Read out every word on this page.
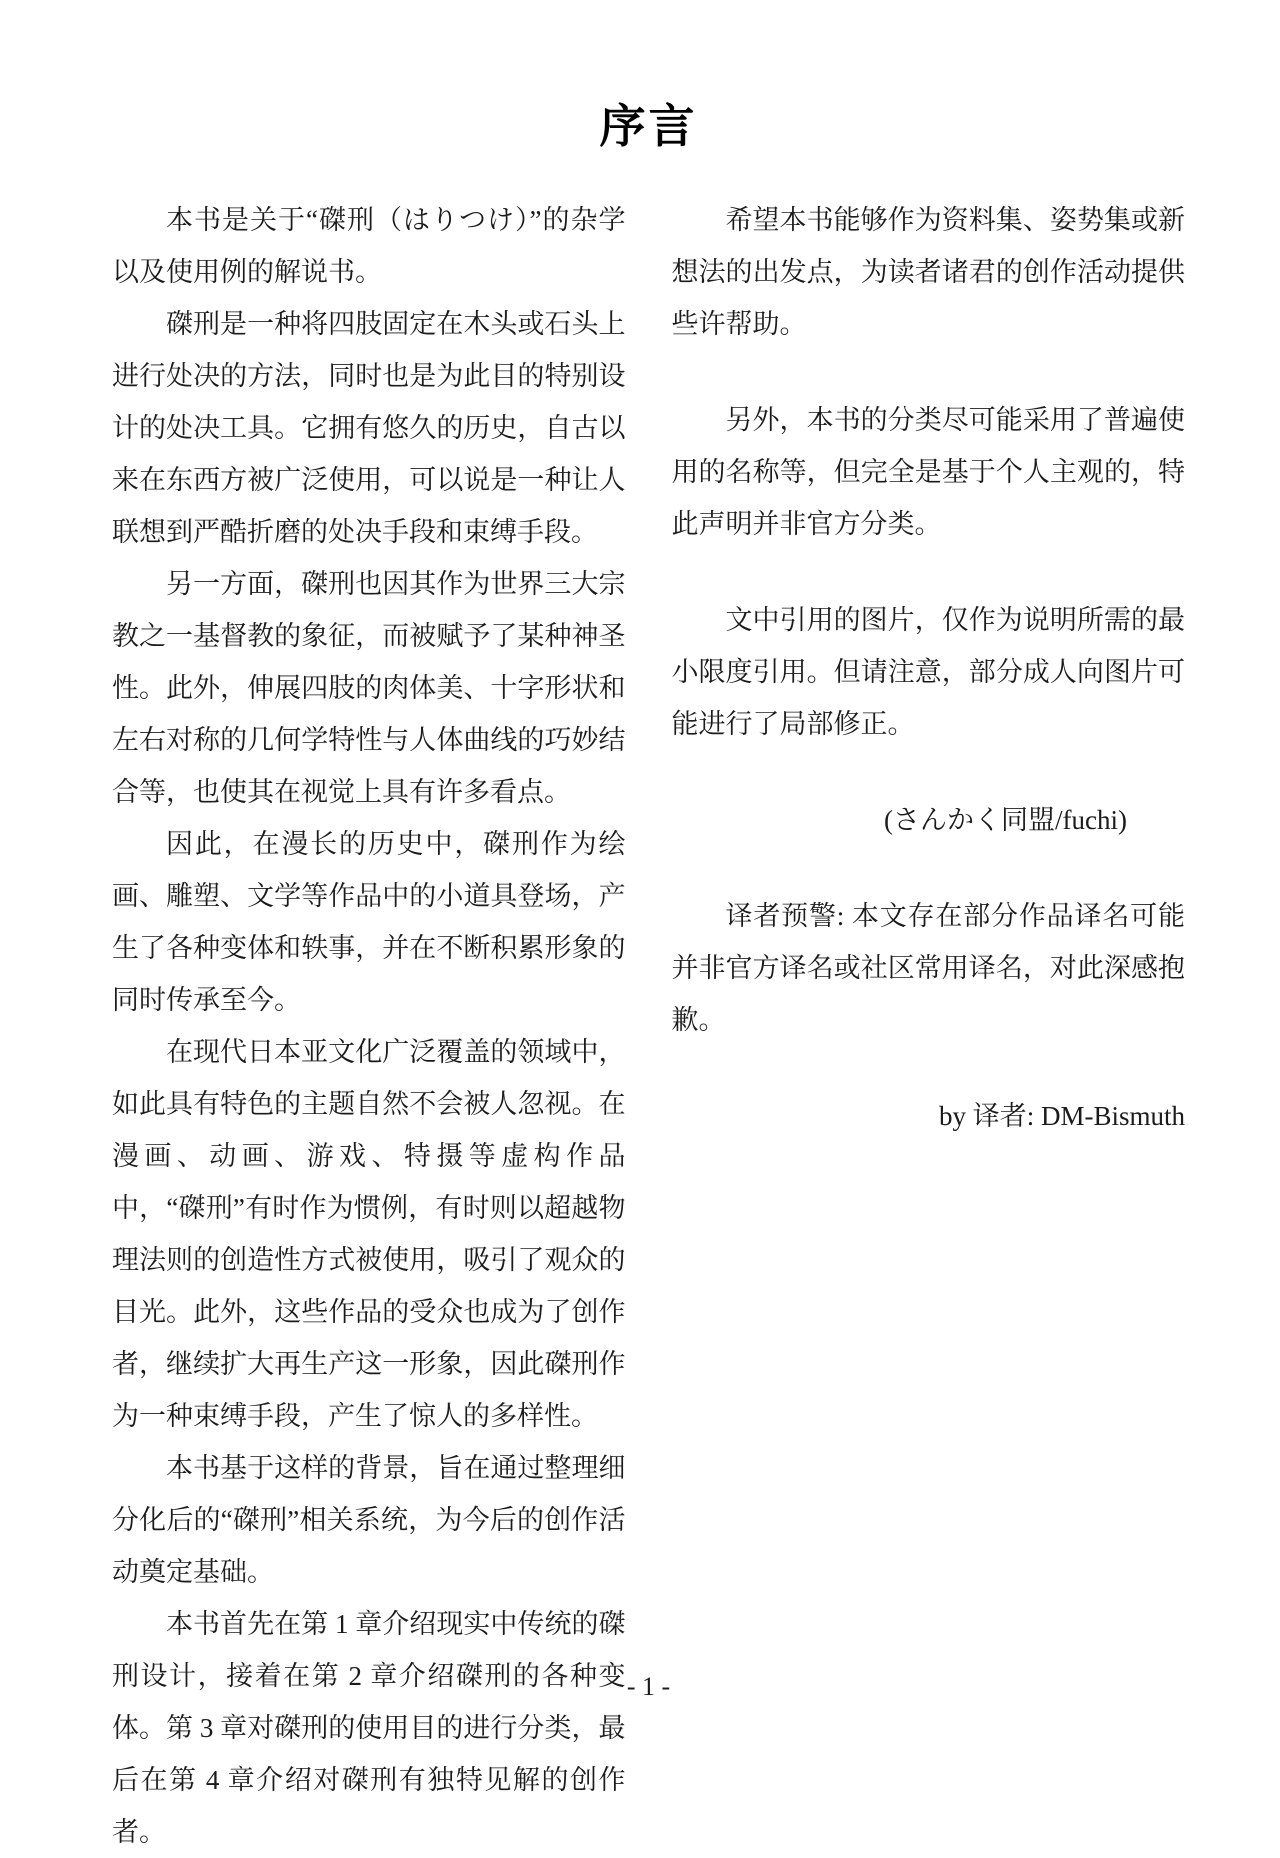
序言

本书是关于“磔刑（はりつけ）”的杂学以及使用例的解说书。

磔刑是一种将四肢固定在木头或石头上进行处决的方法，同时也是为此目的特别设计的处决工具。它拥有悠久的历史，自古以来在东西方被广泛使用，可以说是一种让人联想到严酷折磨的处决手段和束缚手段。

另一方面，磔刑也因其作为世界三大宗教之一基督教的象征，而被赋予了某种神圣性。此外，伸展四肢的肉体美、十字形状和左右对称的几何学特性与人体曲线的巧妙结合等，也使其在视觉上具有许多看点。

因此，在漫长的历史中，磔刑作为绘画、雕塑、文学等作品中的小道具登场，产生了各种变体和轶事，并在不断积累形象的同时传承至今。

在现代日本亚文化广泛覆盖的领域中，如此具有特色的主题自然不会被人忽视。在漫画、动画、游戏、特摄等虚构作品中，“磔刑”有时作为惯例，有时则以超越物理法则的创造性方式被使用，吸引了观众的目光。此外，这些作品的受众也成为了创作者，继续扩大再生产这一形象，因此磔刑作为一种束缚手段，产生了惊人的多样性。

本书基于这样的背景，旨在通过整理细分化后的“磔刑”相关系统，为今后的创作活动奠定基础。

本书首先在第 1 章介绍现实中传统的磔刑设计，接着在第 2 章介绍磔刑的各种变体。第 3 章对磔刑的使用目的进行分类，最后在第 4 章介绍对磔刑有独特见解的创作者。

希望本书能够作为资料集、姿势集或新想法的出发点，为读者诸君的创作活动提供些许帮助。

另外，本书的分类尽可能采用了普遍使用的名称等，但完全是基于个人主观的，特此声明并非官方分类。

文中引用的图片，仅作为说明所需的最小限度引用。但请注意，部分成人向图片可能进行了局部修正。

(さんかく同盟/fuchi)

译者预警: 本文存在部分作品译名可能并非官方译名或社区常用译名，对此深感抱歉。

by 译者: DM-Bismuth

- 1 -
